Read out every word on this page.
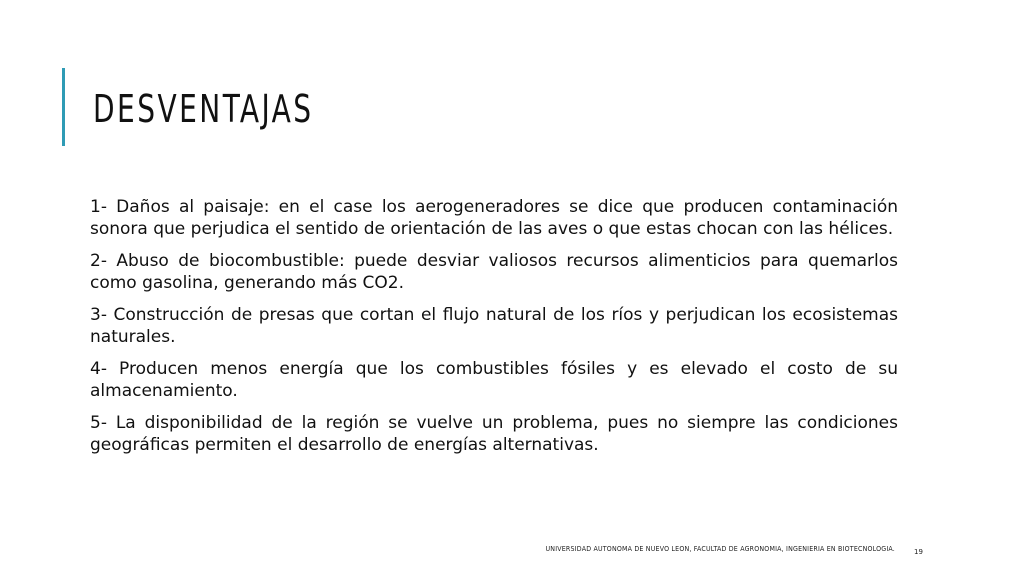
DESVENTAJAS

1- Daños al paisaje: en el case los aerogeneradores se dice que producen contaminación sonora que perjudica el sentido de orientación de las aves o que estas chocan con las hélices.

2- Abuso de biocombustible: puede desviar valiosos recursos alimenticios para quemarlos como gasolina, generando más CO2.

3- Construcción de presas que cortan el flujo natural de los ríos y perjudican los ecosistemas naturales.

4- Producen menos energía que los combustibles fósiles y es elevado el costo de su almacenamiento.

5- La disponibilidad de la región se vuelve un problema, pues no siempre las condiciones geográficas permiten el desarrollo de energías alternativas.

UNIVERSIDAD AUTONOMA DE NUEVO LEON, FACULTAD DE AGRONOMIA, INGENIERIA EN BIOTECNOLOGIA.	19
